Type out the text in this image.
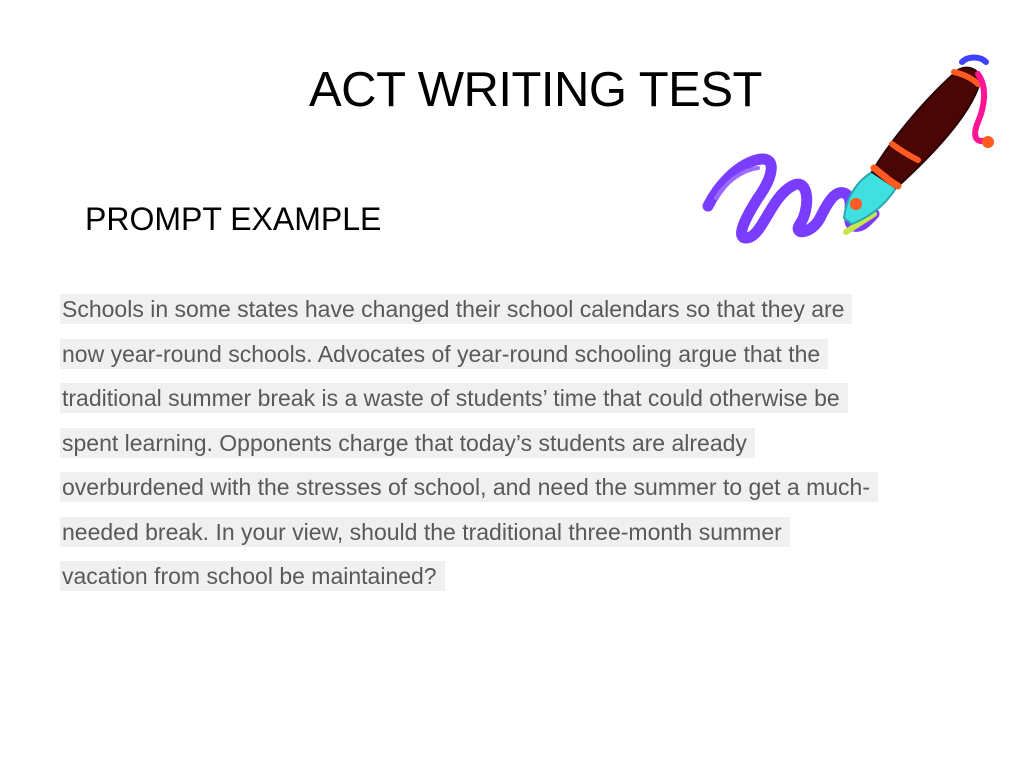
ACT WRITING TEST
PROMPT EXAMPLE
Schools in some states have changed their school calendars so that they are
now year-round schools. Advocates of year-round schooling argue that the
traditional summer break is a waste of students’ time that could otherwise be
spent learning. Opponents charge that today’s students are already
overburdened with the stresses of school, and need the summer to get a much-
needed break. In your view, should the traditional three-month summer
vacation from school be maintained?
